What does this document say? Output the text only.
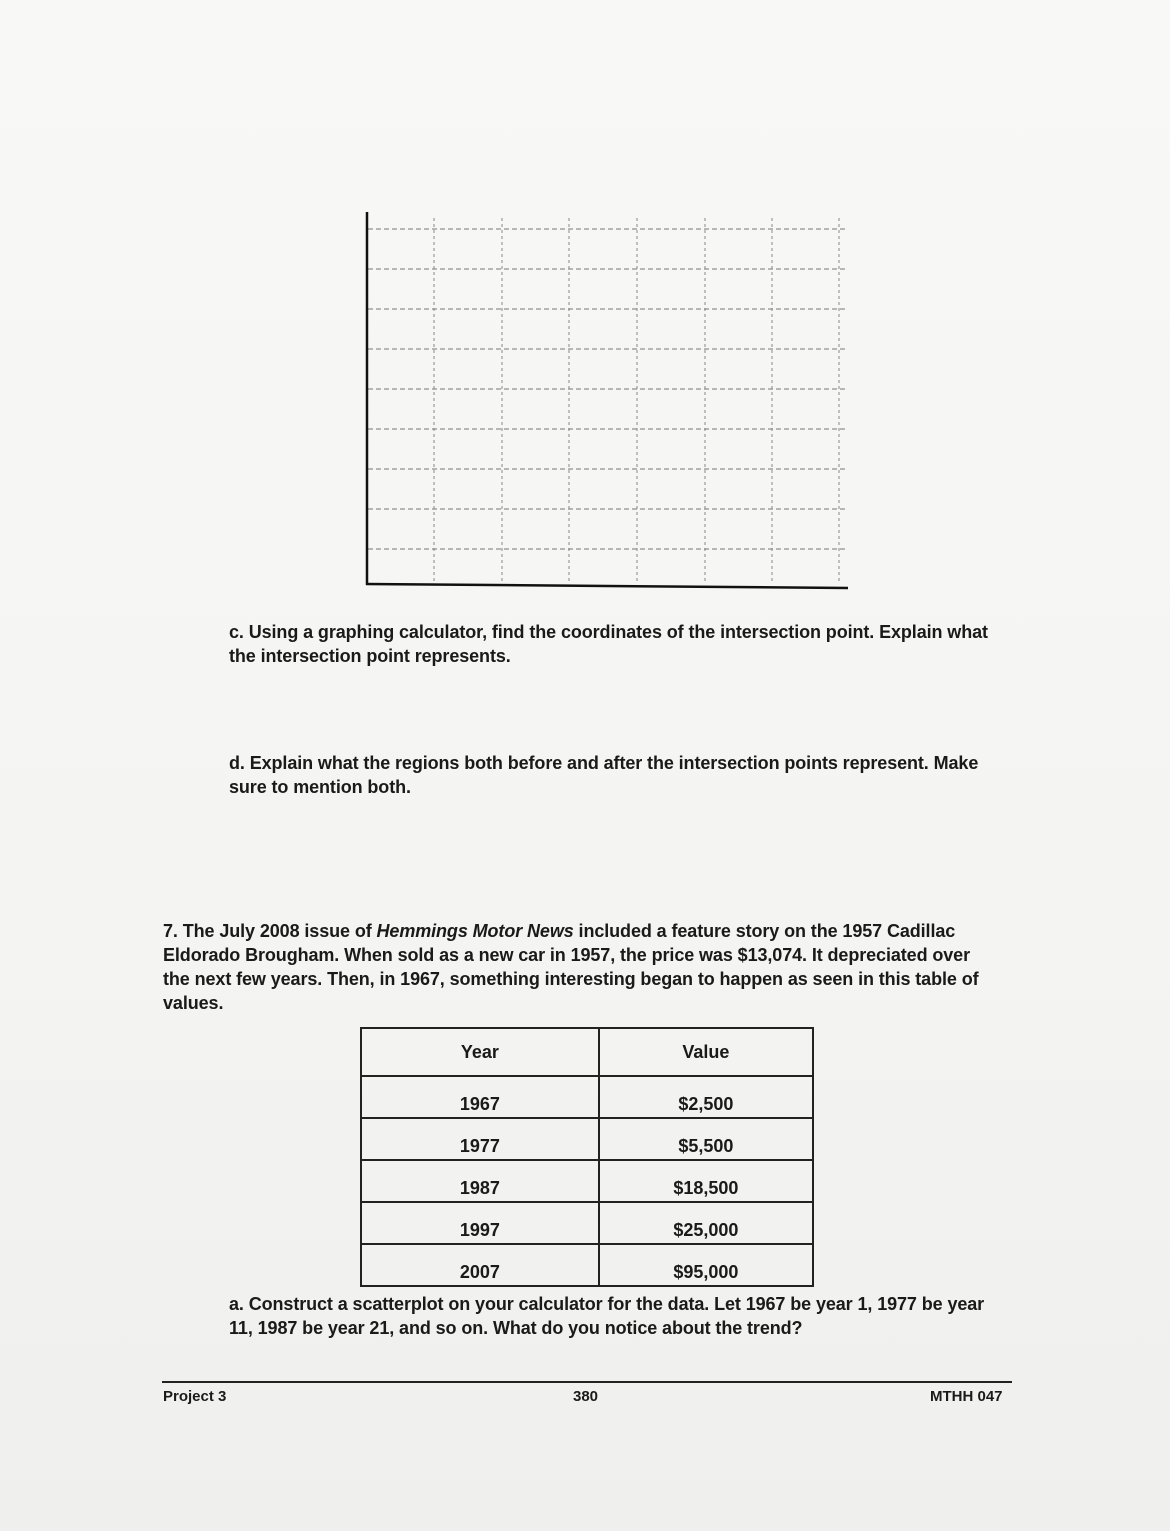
c. Using a graphing calculator, find the coordinates of the intersection point. Explain what
the intersection point represents.
d. Explain what the regions both before and after the intersection points represent. Make
sure to mention both.
7. The July 2008 issue of Hemmings Motor News included a feature story on the 1957 Cadillac
Eldorado Brougham. When sold as a new car in 1957, the price was $13,074. It depreciated over
the next few years. Then, in 1967, something interesting began to happen as seen in this table of
values.
Year	Value
1967	$2,500
1977	$5,500
1987	$18,500
1997	$25,000
2007	$95,000
a. Construct a scatterplot on your calculator for the data. Let 1967 be year 1, 1977 be year
11, 1987 be year 21, and so on. What do you notice about the trend?
Project 3	380	MTHH 047
